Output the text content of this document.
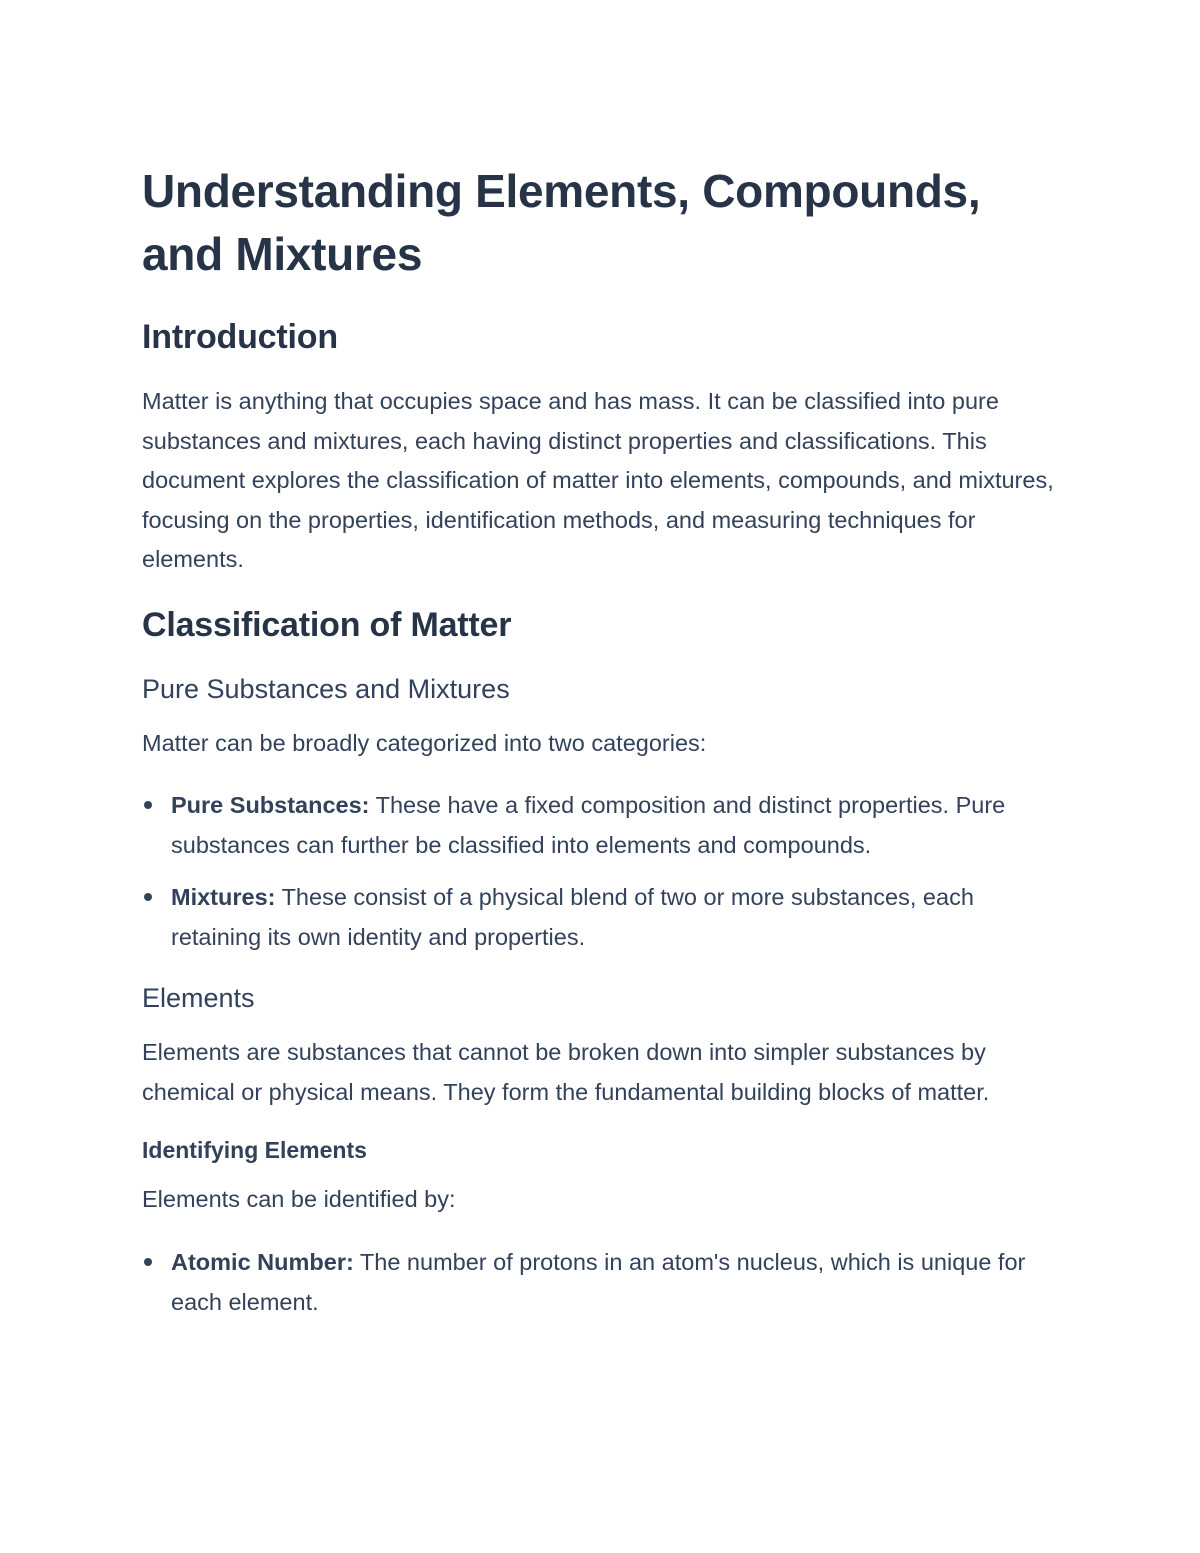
Understanding Elements, Compounds, and Mixtures
Introduction

Matter is anything that occupies space and has mass. It can be classified into pure substances and mixtures, each having distinct properties and classifications. This document explores the classification of matter into elements, compounds, and mixtures, focusing on the properties, identification methods, and measuring techniques for elements.

Classification of Matter
Pure Substances and Mixtures

Matter can be broadly categorized into two categories:

Pure Substances: These have a fixed composition and distinct properties. Pure substances can further be classified into elements and compounds.
Mixtures: These consist of a physical blend of two or more substances, each retaining its own identity and properties.
Elements

Elements are substances that cannot be broken down into simpler substances by chemical or physical means. They form the fundamental building blocks of matter.

Identifying Elements

Elements can be identified by:

Atomic Number: The number of protons in an atom's nucleus, which is unique for each element.
